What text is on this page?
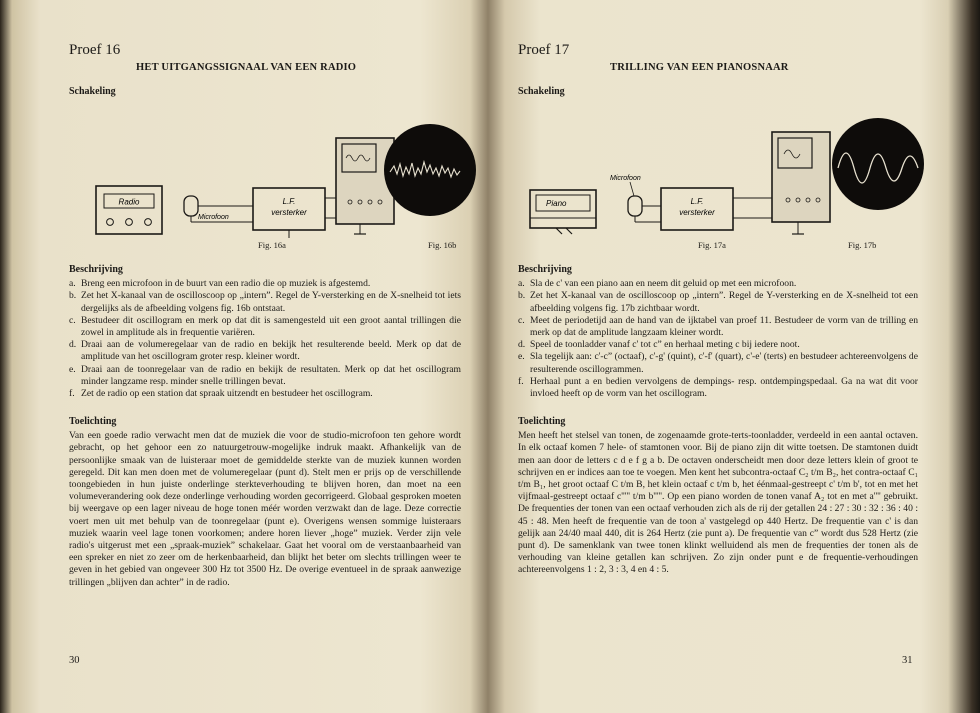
Proef 16
HET UITGANGSSIGNAAL VAN EEN RADIO
Schakeling
Radio
Microfoon
L.F.
versterker
Fig. 16a	Fig. 16b
Beschrijving
a. Breng een microfoon in de buurt van een radio die op muziek is afgestemd.
b. Zet het X-kanaal van de oscilloscoop op „intern”. Regel de Y-versterking en de X-snelheid tot iets dergelijks als de afbeelding volgens fig. 16b ontstaat.
c. Bestudeer dit oscillogram en merk op dat dit is samengesteld uit een groot aantal trillingen die zowel in amplitude als in frequentie variëren.
d. Draai aan de volumeregelaar van de radio en bekijk het resulterende beeld. Merk op dat de amplitude van het oscillogram groter resp. kleiner wordt.
e. Draai aan de toonregelaar van de radio en bekijk de resultaten. Merk op dat het oscillogram minder langzame resp. minder snelle trillingen bevat.
f. Zet de radio op een station dat spraak uitzendt en bestudeer het oscillogram.
Toelichting
Van een goede radio verwacht men dat de muziek die voor de studio-microfoon ten gehore wordt gebracht, op het gehoor een zo natuurgetrouw-mogelijke indruk maakt. Afhankelijk van de persoonlijke smaak van de luisteraar moet de gemiddelde sterkte van de muziek kunnen worden geregeld. Dit kan men doen met de volumeregelaar (punt d). Stelt men er prijs op de verschillende toongebieden in hun juiste onderlinge sterkteverhouding te blijven horen, dan moet na een volumeverandering ook deze onderlinge verhouding worden gecorrigeerd. Globaal gesproken moeten bij weergave op een lager niveau de hoge tonen méér worden verzwakt dan de lage. Deze correctie voert men uit met behulp van de toonregelaar (punt e). Overigens wensen sommige luisteraars muziek waarin veel lage tonen voorkomen; andere horen liever „hoge” muziek. Verder zijn vele radio's uitgerust met een „spraak-muziek” schakelaar. Gaat het vooral om de verstaanbaarheid van een spreker en niet zo zeer om de herkenbaarheid, dan blijkt het beter om slechts trillingen weer te geven in het gebied van ongeveer 300 Hz tot 3500 Hz. De overige eventueel in de spraak aanwezige trillingen „blijven dan achter” in de radio.
30
Proef 17
TRILLING VAN EEN PIANOSNAAR
Schakeling
Piano
Microfoon
L.F.
versterker
Fig. 17a	Fig. 17b
Beschrijving
a. Sla de c' van een piano aan en neem dit geluid op met een microfoon.
b. Zet het X-kanaal van de oscilloscoop op „intern”. Regel de Y-versterking en de X-snelheid tot een afbeelding volgens fig. 17b zichtbaar wordt.
c. Meet de periodetijd aan de hand van de ijktabel van proef 11. Bestudeer de vorm van de trilling en merk op dat de amplitude langzaam kleiner wordt.
d. Speel de toonladder vanaf c' tot c” en herhaal meting c bij iedere noot.
e. Sla tegelijk aan: c'-c” (octaaf), c'-g' (quint), c'-f' (quart), c'-e' (terts) en bestudeer achtereenvolgens de resulterende oscillogrammen.
f. Herhaal punt a en bedien vervolgens de dempings- resp. ontdempingspedaal. Ga na wat dit voor invloed heeft op de vorm van het oscillogram.
Toelichting
Men heeft het stelsel van tonen, de zogenaamde grote-terts-toonladder, verdeeld in een aantal octaven. In elk octaaf komen 7 hele- of stamtonen voor. Bij de piano zijn dit witte toetsen. De stamtonen duidt men aan door de letters c d e f g a b. De octaven onderscheidt men door deze letters klein of groot te schrijven en er indices aan toe te voegen. Men kent het subcontra-octaaf C₂ t/m B₂, het contra-octaaf C₁ t/m B₁, het groot octaaf C t/m B, het klein octaaf c t/m b, het éénmaal-gestreept c' t/m b', tot en met het vijfmaal-gestreept octaaf c''''' t/m b'''''. Op een piano worden de tonen vanaf A₂ tot en met a'''' gebruikt. De frequenties der tonen van een octaaf verhouden zich als de rij der getallen 24 : 27 : 30 : 32 : 36 : 40 : 45 : 48. Men heeft de frequentie van de toon a' vastgelegd op 440 Hertz. De frequentie van c' is dan gelijk aan 24/40 maal 440, dit is 264 Hertz (zie punt a). De frequentie van c” wordt dus 528 Hertz (zie punt d). De samenklank van twee tonen klinkt welluidend als men de frequenties der tonen als de verhouding van kleine getallen kan schrijven. Zo zijn onder punt e de frequentie-verhoudingen achtereenvolgens 1 : 2, 3 : 3, 4 en 4 : 5.
31
